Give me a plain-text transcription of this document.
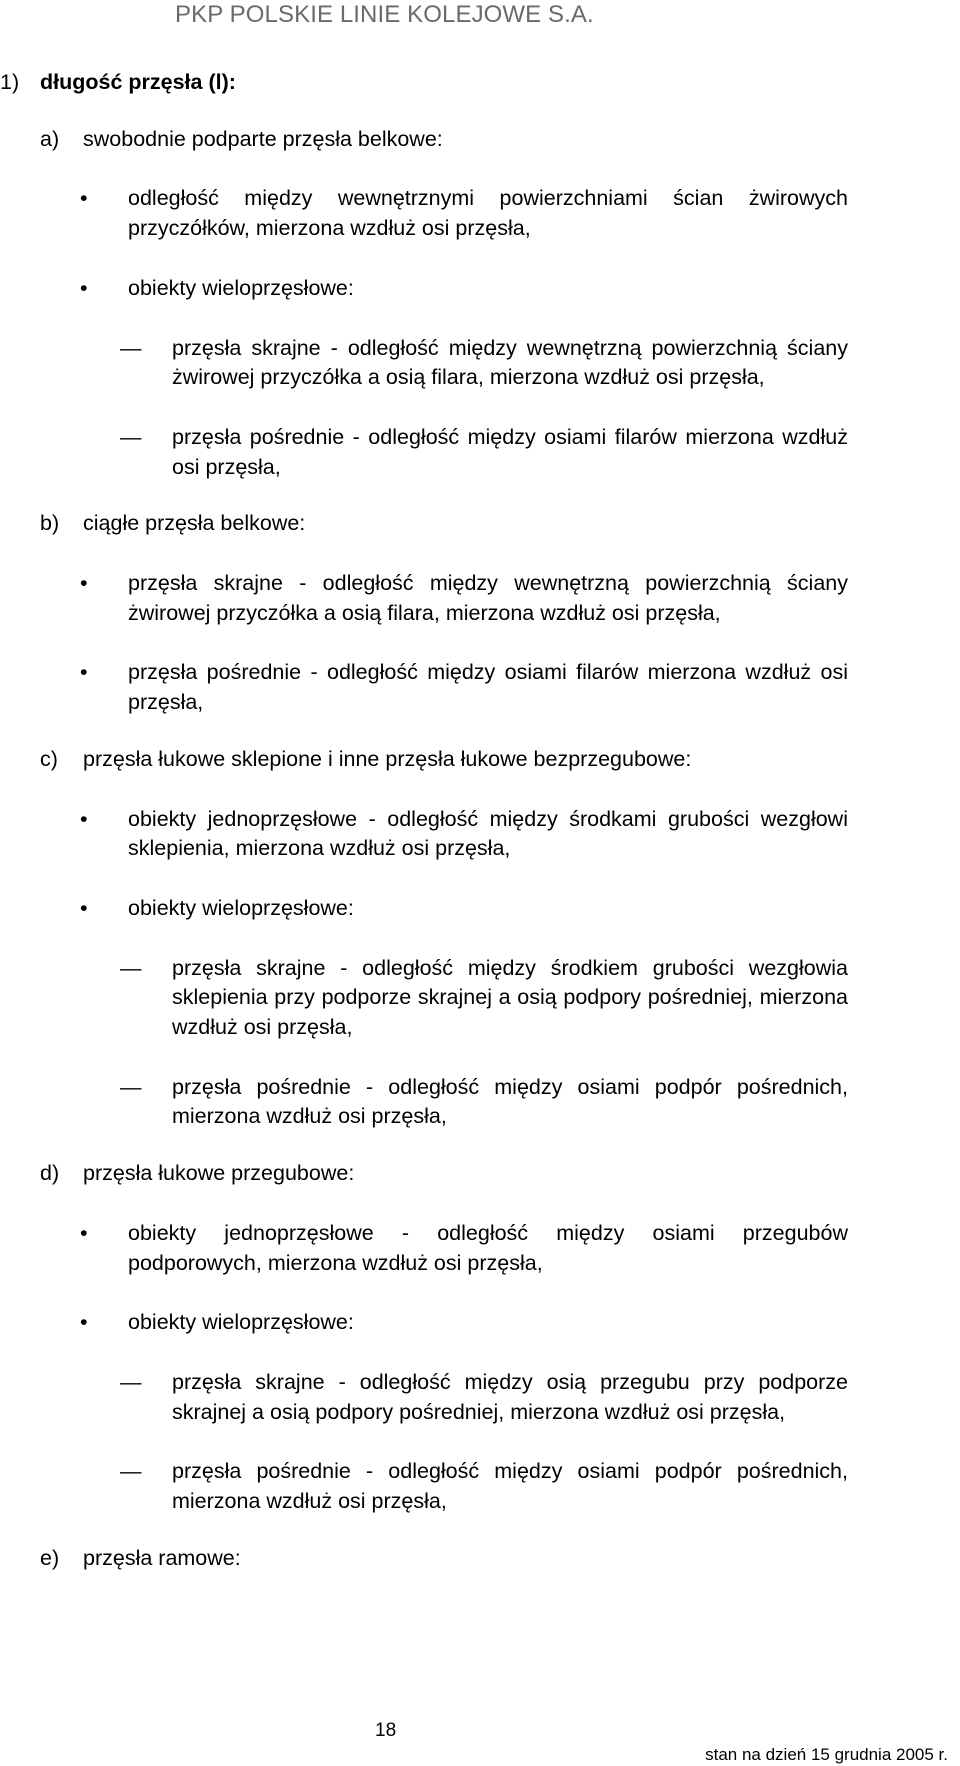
PKP POLSKIE LINIE KOLEJOWE S.A.
1) długość przęsła (l):
a) swobodnie podparte przęsła belkowe:
• odległość między wewnętrznymi powierzchniami ścian żwirowych przyczółków, mierzona wzdłuż osi przęsła,
• obiekty wieloprzęsłowe:
— przęsła skrajne - odległość między wewnętrzną powierzchnią ściany żwirowej przyczółka a osią filara, mierzona wzdłuż osi przęsła,
— przęsła pośrednie - odległość między osiami filarów mierzona wzdłuż osi przęsła,
b) ciągłe przęsła belkowe:
• przęsła skrajne - odległość między wewnętrzną powierzchnią ściany żwirowej przyczółka a osią filara, mierzona wzdłuż osi przęsła,
• przęsła pośrednie - odległość między osiami filarów mierzona wzdłuż osi przęsła,
c) przęsła łukowe sklepione i inne przęsła łukowe bezprzegubowe:
• obiekty jednoprzęsłowe - odległość między środkami grubości wezgłowi sklepienia, mierzona wzdłuż osi przęsła,
• obiekty wieloprzęsłowe:
— przęsła skrajne - odległość między środkiem grubości wezgłowia sklepienia przy podporze skrajnej a osią podpory pośredniej, mierzona wzdłuż osi przęsła,
— przęsła pośrednie - odległość między osiami podpór pośrednich, mierzona wzdłuż osi przęsła,
d) przęsła łukowe przegubowe:
• obiekty jednoprzęsłowe - odległość między osiami przegubów podporowych, mierzona wzdłuż osi przęsła,
• obiekty wieloprzęsłowe:
— przęsła skrajne - odległość między osią przegubu przy podporze skrajnej a osią podpory pośredniej, mierzona wzdłuż osi przęsła,
— przęsła pośrednie - odległość między osiami podpór pośrednich, mierzona wzdłuż osi przęsła,
e) przęsła ramowe:
18
stan na dzień 15 grudnia 2005 r.
